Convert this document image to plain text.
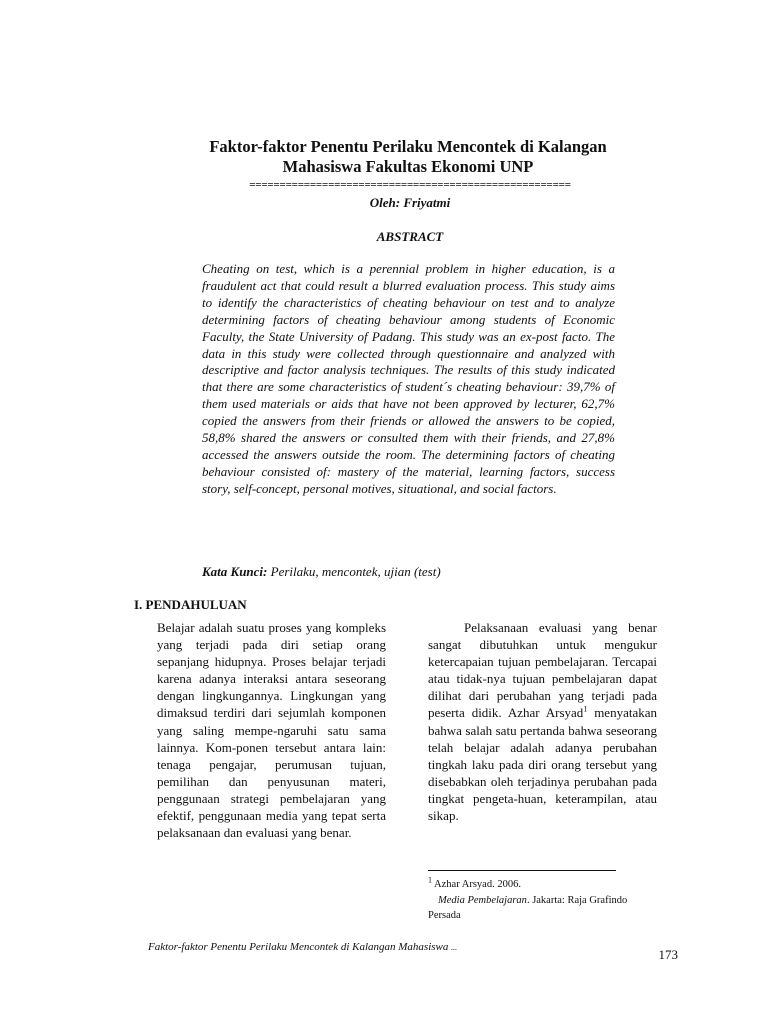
Faktor-faktor Penentu Perilaku Mencontek di Kalangan
Mahasiswa Fakultas Ekonomi UNP
=====================================================
Oleh: Friyatmi
ABSTRACT
Cheating on test, which is a perennial problem in higher education, is a fraudulent act that could result a blurred evaluation process. This study aims to identify the characteristics of cheating behaviour on test and to analyze determining factors of cheating behaviour among students of Economic Faculty, the State University of Padang. This study was an ex-post facto. The data in this study were collected through questionnaire and analyzed with descriptive and factor analysis techniques. The results of this study indicated that there are some characteristics of student´s cheating behaviour: 39,7% of them used materials or aids that have not been approved by lecturer, 62,7% copied the answers from their friends or allowed the answers to be copied, 58,8% shared the answers or consulted them with their friends, and 27,8% accessed the answers outside the room. The determining factors of cheating behaviour consisted of: mastery of the material, learning factors, success story, self-concept, personal motives, situational, and social factors.
Kata Kunci: Perilaku, mencontek, ujian (test)
I. PENDAHULUAN

Belajar adalah suatu proses yang kompleks yang terjadi pada diri setiap orang sepanjang hidupnya. Proses belajar terjadi karena adanya interaksi antara seseorang dengan lingkungannya. Lingkungan yang dimaksud terdiri dari sejumlah komponen yang saling mempe-ngaruhi satu sama lainnya. Kom-ponen tersebut antara lain: tenaga pengajar, perumusan tujuan, pemilihan dan penyusunan materi, penggunaan strategi pembelajaran yang efektif, penggunaan media yang tepat serta pelaksanaan dan evaluasi yang benar.

Pelaksanaan evaluasi yang benar sangat dibutuhkan untuk mengukur ketercapaian tujuan pembelajaran. Tercapai atau tidak-nya tujuan pembelajaran dapat dilihat dari perubahan yang terjadi pada peserta didik. Azhar Arsyad$^1$ menyatakan bahwa salah satu pertanda bahwa seseorang telah belajar adalah adanya perubahan tingkah laku pada diri orang tersebut yang disebabkan oleh terjadinya perubahan pada tingkat pengeta-huan, keterampilan, atau sikap.

$^1$ Azhar Arsyad. 2006.
Media Pembelajaran. Jakarta: Raja Grafindo Persada
Faktor-faktor Penentu Perilaku Mencontek di Kalangan Mahasiswa ...	173
